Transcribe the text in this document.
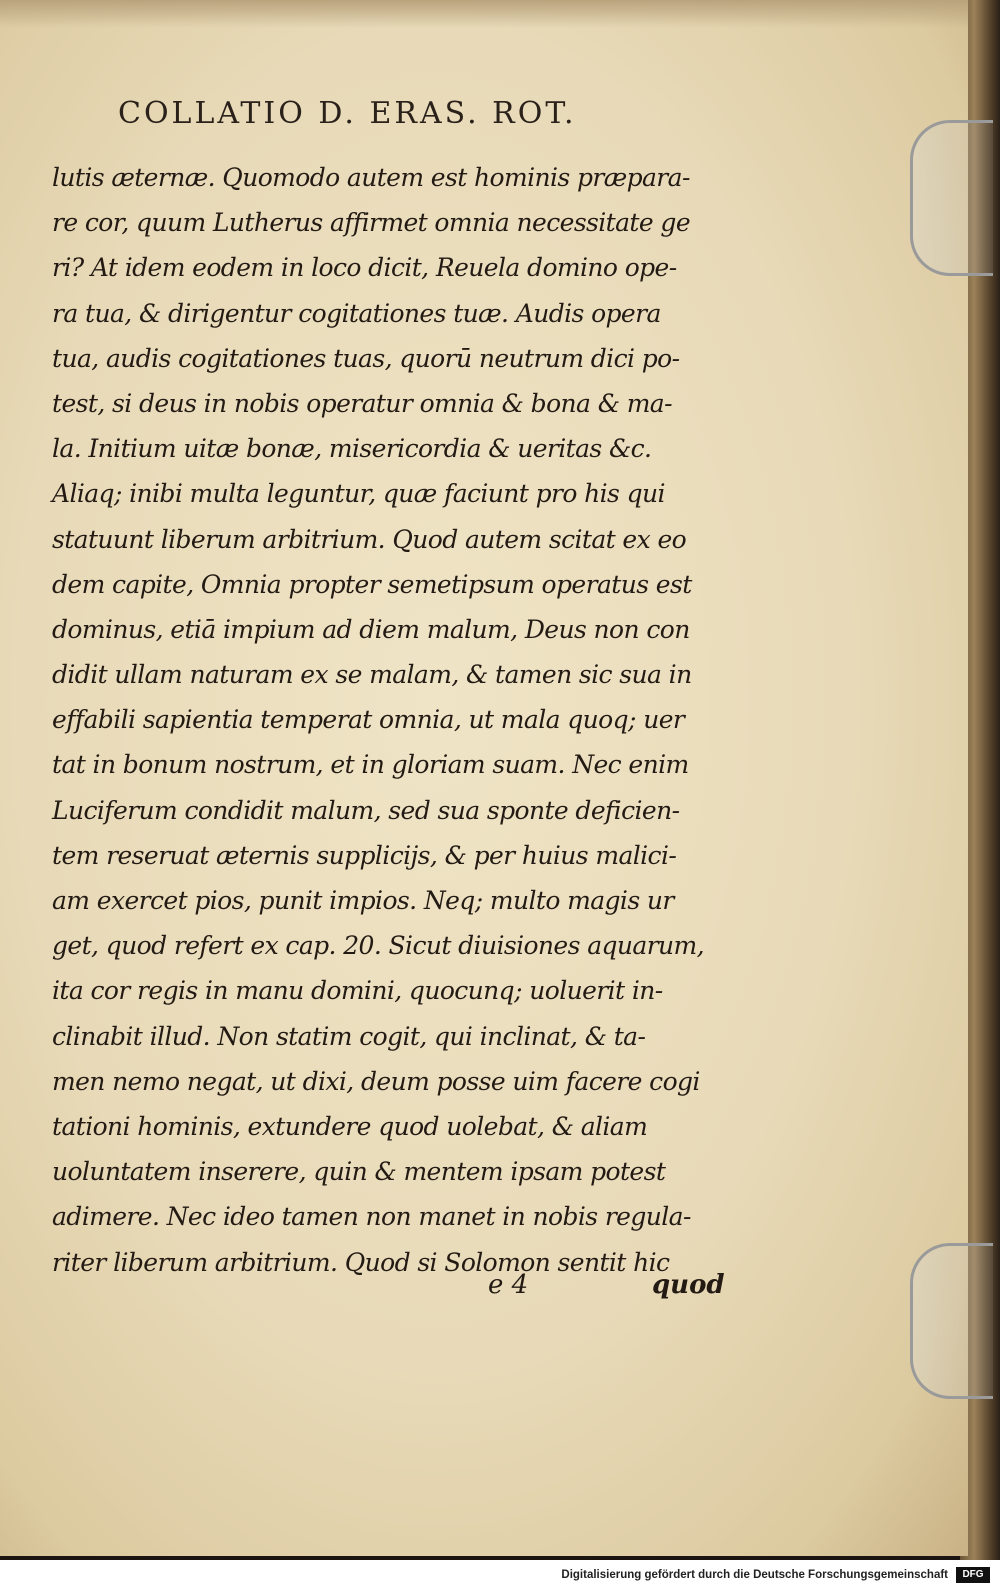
COLLATIO D. ERAS. ROT.
lutis æternæ. Quomodo autem est hominis præpara-
re cor, quum Lutherus affirmet omnia necessitate ge
ri? At idem eodem in loco dicit, Reuela domino ope-
ra tua, & dirigentur cogitationes tuæ. Audis opera
tua, audis cogitationes tuas, quorū neutrum dici po-
test, si deus in nobis operatur omnia & bona & ma-
la. Initium uitæ bonæ, misericordia & ueritas &c.
Aliaq; inibi multa leguntur, quæ faciunt pro his qui
statuunt liberum arbitrium. Quod autem scitat ex eo
dem capite, Omnia propter semetipsum operatus est
dominus, etiā impium ad diem malum, Deus non con
didit ullam naturam ex se malam, & tamen sic sua in
effabili sapientia temperat omnia, ut mala quoq; uer
tat in bonum nostrum, et in gloriam suam. Nec enim
Luciferum condidit malum, sed sua sponte deficien-
tem reseruat æternis supplicijs, & per huius malici-
am exercet pios, punit impios. Neq; multo magis ur
get, quod refert ex cap. 20. Sicut diuisiones aquarum,
ita cor regis in manu domini, quocunq; uoluerit in-
clinabit illud. Non statim cogit, qui inclinat, & ta-
men nemo negat, ut dixi, deum posse uim facere cogi
tationi hominis, extundere quod uolebat, & aliam
uoluntatem inserere, quin & mentem ipsam potest
adimere. Nec ideo tamen non manet in nobis regula-
riter liberum arbitrium. Quod si Solomon sentit hic
e 4	quod
Digitalisierung gefördert durch die Deutsche Forschungsgemeinschaft	DFG
